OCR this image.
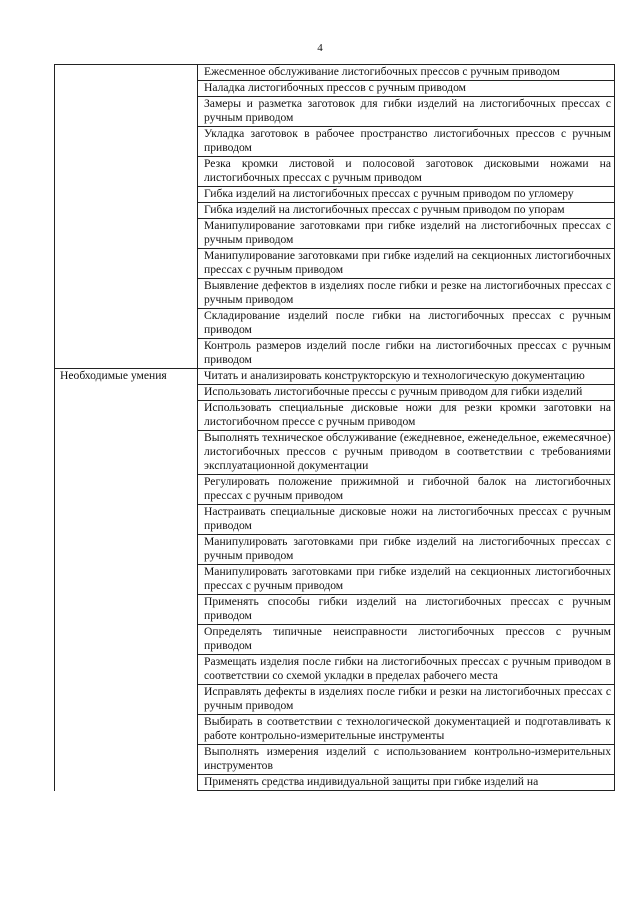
4
	Ежесменное обслуживание листогибочных прессов с ручным приводом
	Наладка листогибочных прессов с ручным приводом
	Замеры и разметка заготовок для гибки изделий на листогибочных прессах с ручным приводом
	Укладка заготовок в рабочее пространство листогибочных прессов с ручным приводом
	Резка кромки листовой и полосовой заготовок дисковыми ножами на листогибочных прессах с ручным приводом
	Гибка изделий на листогибочных прессах с ручным приводом по угломеру
	Гибка изделий на листогибочных прессах с ручным приводом по упорам
	Манипулирование заготовками при гибке изделий на листогибочных прессах с ручным приводом
	Манипулирование заготовками при гибке изделий на секционных листогибочных прессах с ручным приводом
	Выявление дефектов в изделиях после гибки и резке на листогибочных прессах с ручным приводом
	Складирование изделий после гибки на листогибочных прессах с ручным приводом
	Контроль размеров изделий после гибки на листогибочных прессах с ручным приводом
Необходимые умения	Читать и анализировать конструкторскую и технологическую документацию
	Использовать листогибочные прессы с ручным приводом для гибки изделий
	Использовать специальные дисковые ножи для резки кромки заготовки на листогибочном прессе с ручным приводом
	Выполнять техническое обслуживание (ежедневное, еженедельное, ежемесячное) листогибочных прессов с ручным приводом в соответствии с требованиями эксплуатационной документации
	Регулировать положение прижимной и гибочной балок на листогибочных прессах с ручным приводом
	Настраивать специальные дисковые ножи на листогибочных прессах с ручным приводом
	Манипулировать заготовками при гибке изделий на листогибочных прессах с ручным приводом
	Манипулировать заготовками при гибке изделий на секционных листогибочных прессах с ручным приводом
	Применять способы гибки изделий на листогибочных прессах с ручным приводом
	Определять типичные неисправности листогибочных прессов с ручным приводом
	Размещать изделия после гибки на листогибочных прессах с ручным приводом в соответствии со схемой укладки в пределах рабочего места
	Исправлять дефекты в изделиях после гибки и резки на листогибочных прессах с ручным приводом
	Выбирать в соответствии с технологической документацией и подготавливать к работе контрольно-измерительные инструменты
	Выполнять измерения изделий с использованием контрольно-измерительных инструментов
	Применять средства индивидуальной защиты при гибке изделий на
